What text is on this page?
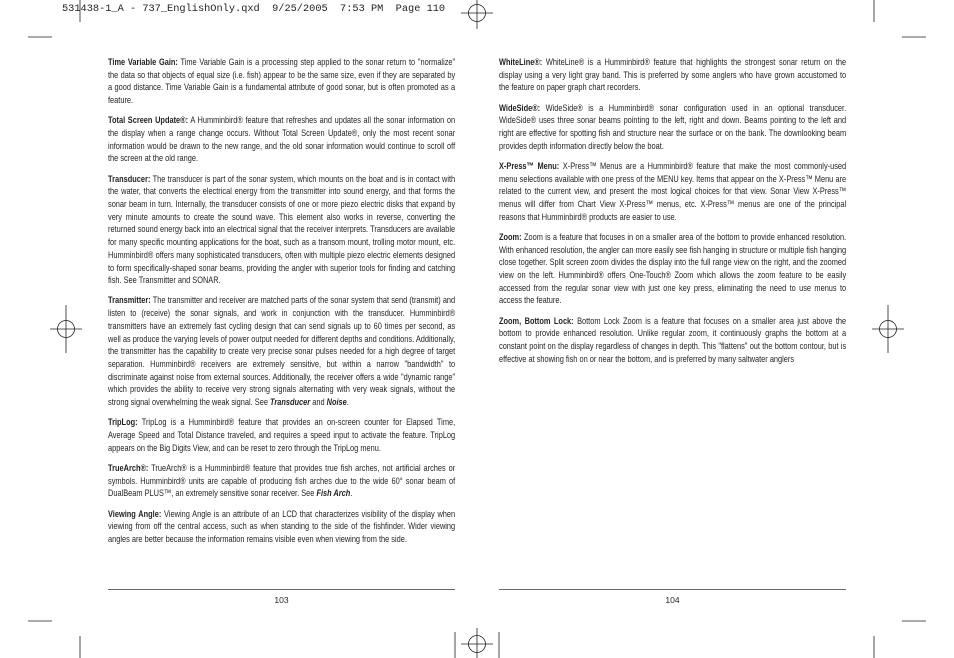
531438-1_A - 737_EnglishOnly.qxd  9/25/2005  7:53 PM  Page 110

Time Variable Gain: Time Variable Gain is a processing step applied to the sonar return to "normalize" the data so that objects of equal size (i.e. fish) appear to be the same size, even if they are separated by a good distance. Time Variable Gain is a fundamental attribute of good sonar, but is often promoted as a feature.

Total Screen Update®: A Humminbird® feature that refreshes and updates all the sonar information on the display when a range change occurs. Without Total Screen Update®, only the most recent sonar information would be drawn to the new range, and the old sonar information would continue to scroll off the screen at the old range.

Transducer: The transducer is part of the sonar system, which mounts on the boat and is in contact with the water, that converts the electrical energy from the transmitter into sound energy, and that forms the sonar beam in turn. Internally, the transducer consists of one or more piezo electric disks that expand by very minute amounts to create the sound wave. This element also works in reverse, converting the returned sound energy back into an electrical signal that the receiver interprets. Transducers are available for many specific mounting applications for the boat, such as a transom mount, trolling motor mount, etc. Humminbird® offers many sophisticated transducers, often with multiple piezo electric elements designed to form specifically-shaped sonar beams, providing the angler with superior tools for finding and catching fish. See Transmitter and SONAR.

Transmitter: The transmitter and receiver are matched parts of the sonar system that send (transmit) and listen to (receive) the sonar signals, and work in conjunction with the transducer. Humminbird® transmitters have an extremely fast cycling design that can send signals up to 60 times per second, as well as produce the varying levels of power output needed for different depths and conditions. Additionally, the transmitter has the capability to create very precise sonar pulses needed for a high degree of target separation. Humminbird® receivers are extremely sensitive, but within a narrow "bandwidth" to discriminate against noise from external sources. Additionally, the receiver offers a wide "dynamic range" which provides the ability to receive very strong signals alternating with very weak signals, without the strong signal overwhelming the weak signal. See Transducer and Noise.

TripLog: TripLog is a Humminbird® feature that provides an on-screen counter for Elapsed Time, Average Speed and Total Distance traveled, and requires a speed input to activate the feature. TripLog appears on the Big Digits View, and can be reset to zero through the TripLog menu.

TrueArch®: TrueArch® is a Humminbird® feature that provides true fish arches, not artificial arches or symbols. Humminbird® units are capable of producing fish arches due to the wide 60° sonar beam of DualBeam PLUS™, an extremely sensitive sonar receiver. See Fish Arch.

Viewing Angle: Viewing Angle is an attribute of an LCD that characterizes visibility of the display when viewing from off the central access, such as when standing to the side of the fishfinder. Wider viewing angles are better because the information remains visible even when viewing from the side.

WhiteLine®: WhiteLine® is a Humminbird® feature that highlights the strongest sonar return on the display using a very light gray band. This is preferred by some anglers who have grown accustomed to the feature on paper graph chart recorders.

WideSide®: WideSide® is a Humminbird® sonar configuration used in an optional transducer. WideSide® uses three sonar beams pointing to the left, right and down. Beams pointing to the left and right are effective for spotting fish and structure near the surface or on the bank. The downlooking beam provides depth information directly below the boat.

X-Press™ Menu: X-Press™ Menus are a Humminbird® feature that make the most commonly-used menu selections available with one press of the MENU key. Items that appear on the X-Press™ Menu are related to the current view, and present the most logical choices for that view. Sonar View X-Press™ menus will differ from Chart View X-Press™ menus, etc. X-Press™ menus are one of the principal reasons that Humminbird® products are easier to use.

Zoom: Zoom is a feature that focuses in on a smaller area of the bottom to provide enhanced resolution. With enhanced resolution, the angler can more easily see fish hanging in structure or multiple fish hanging close together. Split screen zoom divides the display into the full range view on the right, and the zoomed view on the left. Humminbird® offers One-Touch® Zoom which allows the zoom feature to be easily accessed from the regular sonar view with just one key press, eliminating the need to use menus to access the feature.

Zoom, Bottom Lock: Bottom Lock Zoom is a feature that focuses on a smaller area just above the bottom to provide enhanced resolution. Unlike regular zoom, it continuously graphs the bottom at a constant point on the display regardless of changes in depth. This "flattens" out the bottom contour, but is effective at showing fish on or near the bottom, and is preferred by many saltwater anglers

103	104
